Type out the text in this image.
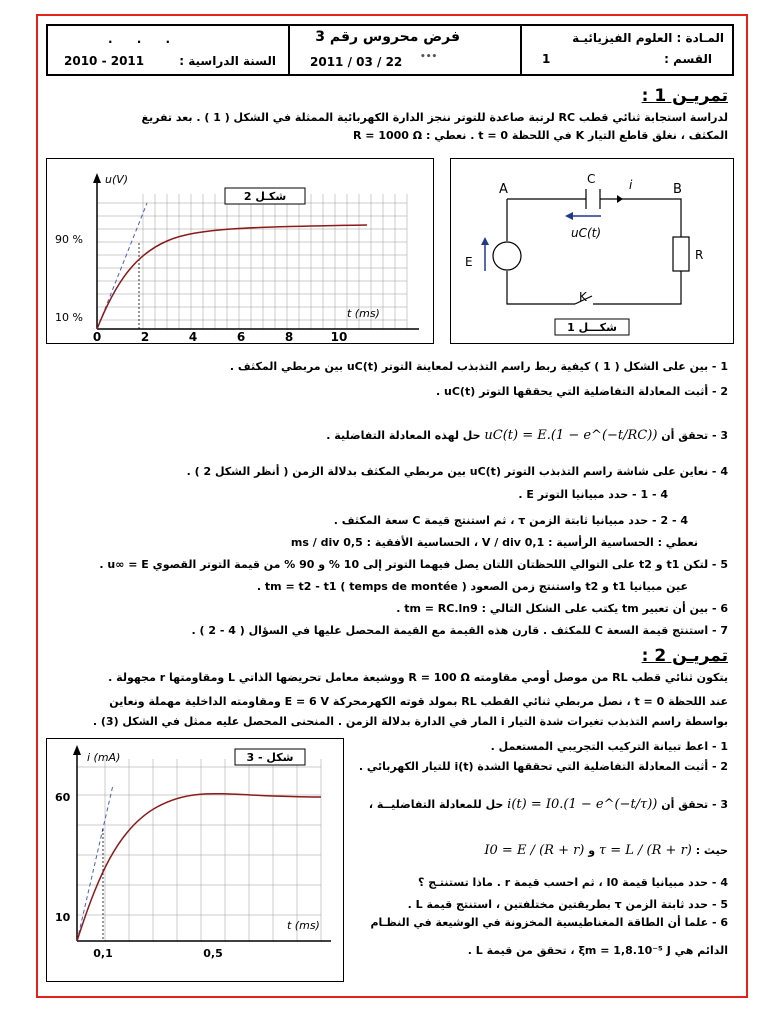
المـادة : العلوم الفيزيائيـة
القسم :
1
فرض محروس رقم 3
2011 / 03 / 22 •••
. . .
السنة الدراسية :
2010 - 2011
تمريـن 1 :
لدراسة استجابة ثنائي قطب RC لرتبة صاعدة للتوتر ننجز الدارة الكهربائية الممثلة في الشكل ( 1 ) . بعد تفريغ
المكثف ، نغلق قاطع التيار K في اللحظة t = 0 . نعطي : R = 1000 Ω
u(V)
t (ms)
90 %
10 %
شكـل 2
0	2	4	6	8	10
A	B
C	i
uC(t)
R
E
K
شكـــل 1
1 - بين على الشكل ( 1 ) كيفية ربط راسم التذبذب لمعاينة التوتر uC(t) بين مربطي المكثف .
2 - أثبت المعادلة التفاضلية التي يحققها التوتر uC(t) .
3 - تحقق أن uC(t) = E.(1 − e^(−t/RC)) حل لهذه المعادلة التفاضلية .
4 - نعاين على شاشة راسم التذبذب التوتر uC(t) بين مربطي المكثف بدلالة الزمن ( أنظر الشكل 2 ) .
4 - 1 - حدد مبيانيا التوتر E .
4 - 2 - حدد مبيانيا ثابتة الزمن τ ، ثم استنتج قيمة C سعة المكثف .
نعطي : الحساسية الرأسية : 0,1 V / div ، الحساسية الأفقية : 0,5 ms / div
5 - لتكن t1 و t2 على التوالي اللحظتان اللتان يصل فيهما التوتر إلى 10 % و 90 % من قيمة التوتر القصوي u∞ = E .
عين مبيانيا t1 و t2 واستنتج زمن الصعود ( temps de montée ) tm = t2 - t1 .
6 - بين أن تعبير tm يكتب على الشكل التالي : tm = RC.ln9 .
7 - استنتج قيمة السعة C للمكثف . قارن هذه القيمة مع القيمة المحصل عليها في السؤال ( 4 - 2 ) .
تمريـن 2 :
يتكون ثنائي قطب RL من موصل أومي مقاومته R = 100 Ω ووشيعة معامل تحريضها الذاتي L ومقاومتها r مجهولة .
عند اللحظة t = 0 ، نصل مربطي ثنائي القطب RL بمولد قوته الكهرمحركة E = 6 V ومقاومته الداخلية مهملة ونعاين
بواسطة راسم التذبذب تغيرات شدة التيار i المار في الدارة بدلالة الزمن . المنحنى المحصل عليه ممثل في الشكل (3) .
i (mA)
t (ms)
60
10
0,1	0,5
شكل - 3
1 - اعط تبيانة التركيب التجريبي المستعمل .
2 - أثبت المعادلة التفاضلية التي تحققها الشدة i(t) للتيار الكهربائي .
3 - تحقق أن i(t) = I0.(1 − e^(−t/τ)) حل للمعادلة التفاضليــة ،
حيث : τ = L / (R + r) و I0 = E / (R + r)
4 - حدد مبيانيا قيمة I0 ، ثم احسب قيمة r . ماذا تستنتـج ؟
5 - حدد ثابتة الزمن τ بطريقتين مختلفتين ، استنتج قيمة L .
6 - علما أن الطاقة المغناطيسية المخزونة في الوشيعة في النظـام
الدائم هي ξm = 1,8.10⁻⁵ J ، تحقق من قيمة L .
